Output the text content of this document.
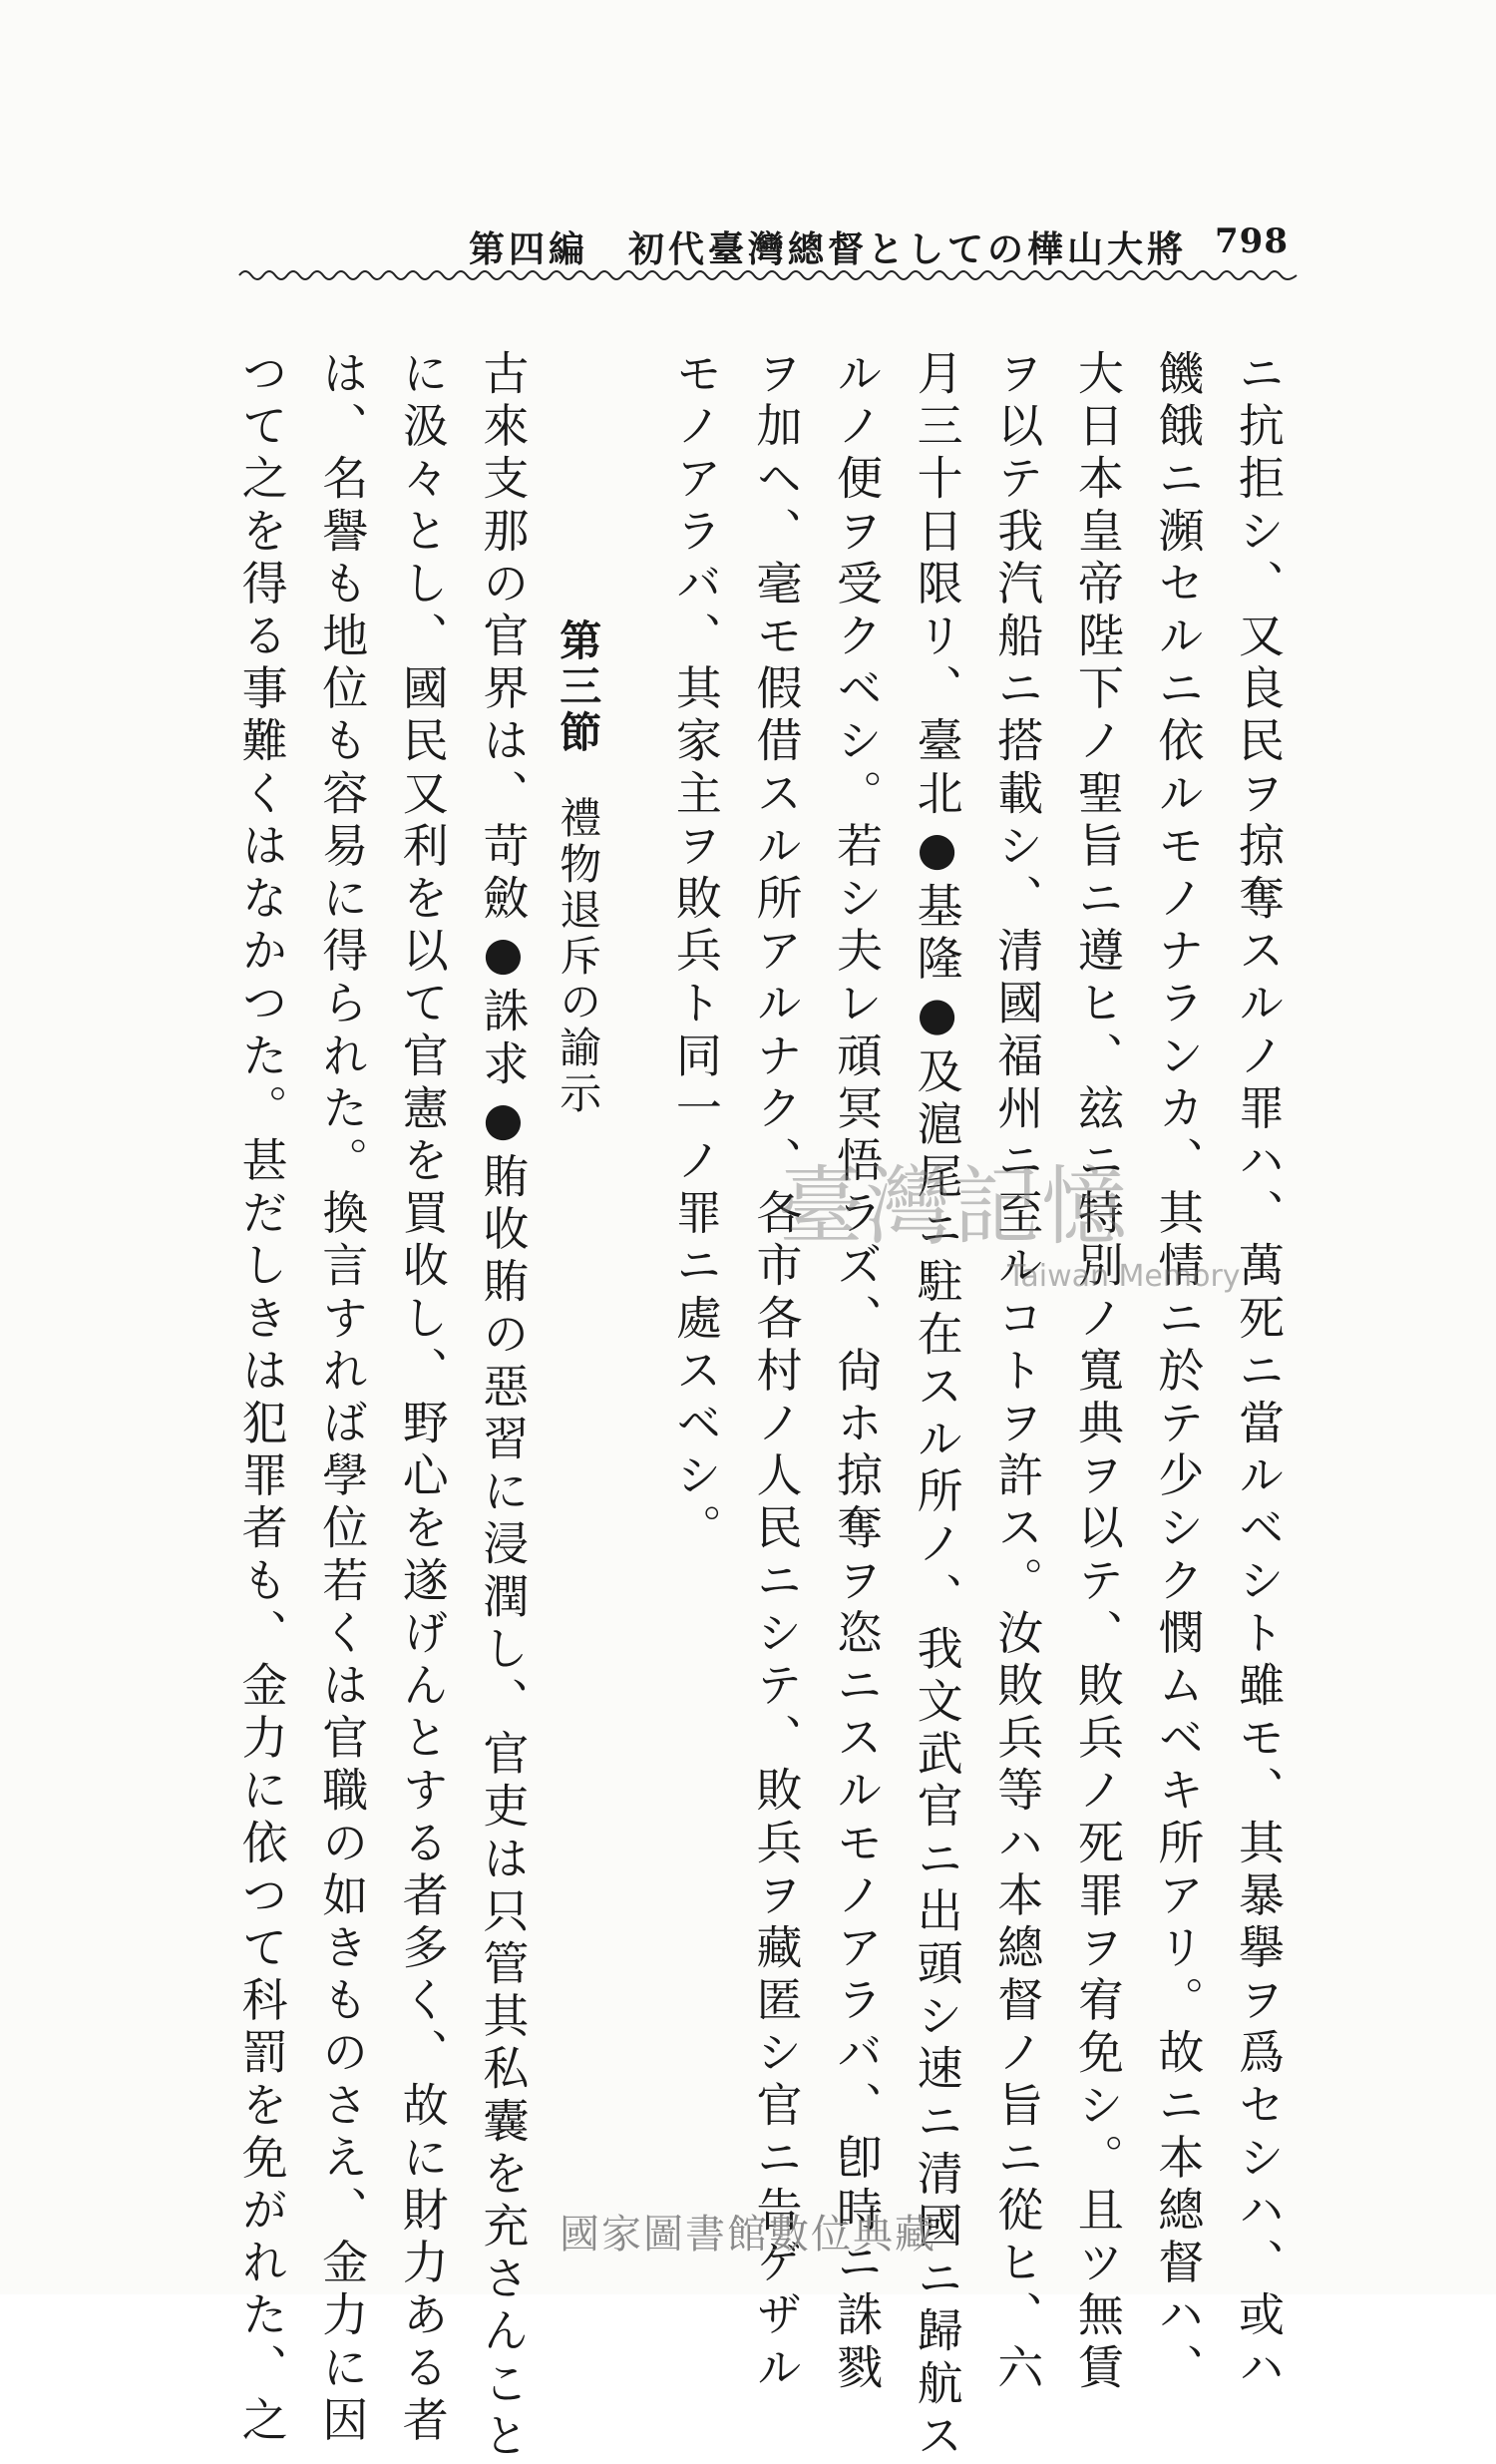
798
第四編　初代臺灣總督としての樺山大將
ニ抗拒シ、又良民ヲ掠奪スルノ罪ハ、萬死ニ當ルベシト雖モ、其暴擧ヲ爲セシハ、或ハ
饑餓ニ瀕セルニ依ルモノナランカ、其情ニ於テ少シク憫ムベキ所アリ。故ニ本總督ハ、
大日本皇帝陛下ノ聖旨ニ遵ヒ、玆ニ特別ノ寬典ヲ以テ、敗兵ノ死罪ヲ宥免シ。且ツ無賃
ヲ以テ我汽船ニ搭載シ、清國福州ニ至ルコトヲ許ス。汝敗兵等ハ本總督ノ旨ニ從ヒ、六
月三十日限リ、臺北●基隆●及滬尾ニ駐在スル所ノ、我文武官ニ出頭シ速ニ清國ニ歸航ス
ルノ便ヲ受クベシ。若シ夫レ頑冥悟ラズ、尙ホ掠奪ヲ恣ニスルモノアラバ、卽時ニ誅戮
ヲ加ヘ、毫モ假借スル所アルナク、各市各村ノ人民ニシテ、敗兵ヲ藏匿シ官ニ告ゲザル
モノアラバ、其家主ヲ敗兵ト同一ノ罪ニ處スベシ。
第三節禮物退斥の諭示
古來支那の官界は、苛斂●誅求●賄收賄の惡習に浸潤し、官吏は只管其私囊を充さんこと
に汲々とし、國民又利を以て官憲を買收し、野心を遂げんとする者多く、故に財力ある者
は、名譽も地位も容易に得られた。換言すれば學位若くは官職の如きものさえ、金力に因
つて之を得る事難くはなかつた。甚だしきは犯罪者も、金力に依つて科罰を免がれた、之	臺灣記憶
Taiwan Memory
國家圖書館數位典藏
